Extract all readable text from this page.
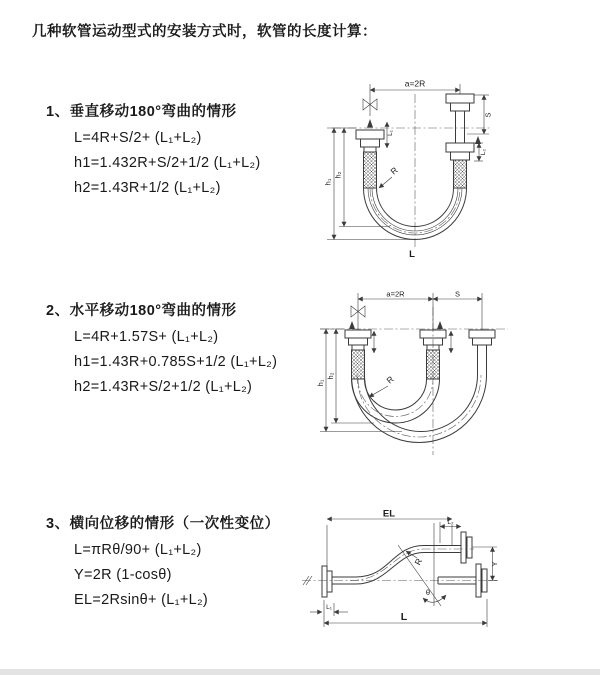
几种软管运动型式的安装方式时，软管的长度计算：
1、垂直移动180°弯曲的情形
L=4R+S/2+ (L₁+L₂)
h1=1.432R+S/2+1/2 (L₁+L₂)
h2=1.43R+1/2 (L₁+L₂)
a=2R
L₁
S
L₂
h₁
h₂	R
L
2、水平移动180°弯曲的情形
L=4R+1.57S+ (L₁+L₂)
h1=1.43R+0.785S+1/2 (L₁+L₂)
h2=1.43R+S/2+1/2 (L₁+L₂)
a=2R	S
h₁
h₂	R
3、横向位移的情形（一次性变位）
L=πRθ/90+ (L₁+L₂)
Y=2R (1-cosθ)
EL=2Rsinθ+ (L₁+L₂)
EL
L₂
θ
Y
R
L
L₁
